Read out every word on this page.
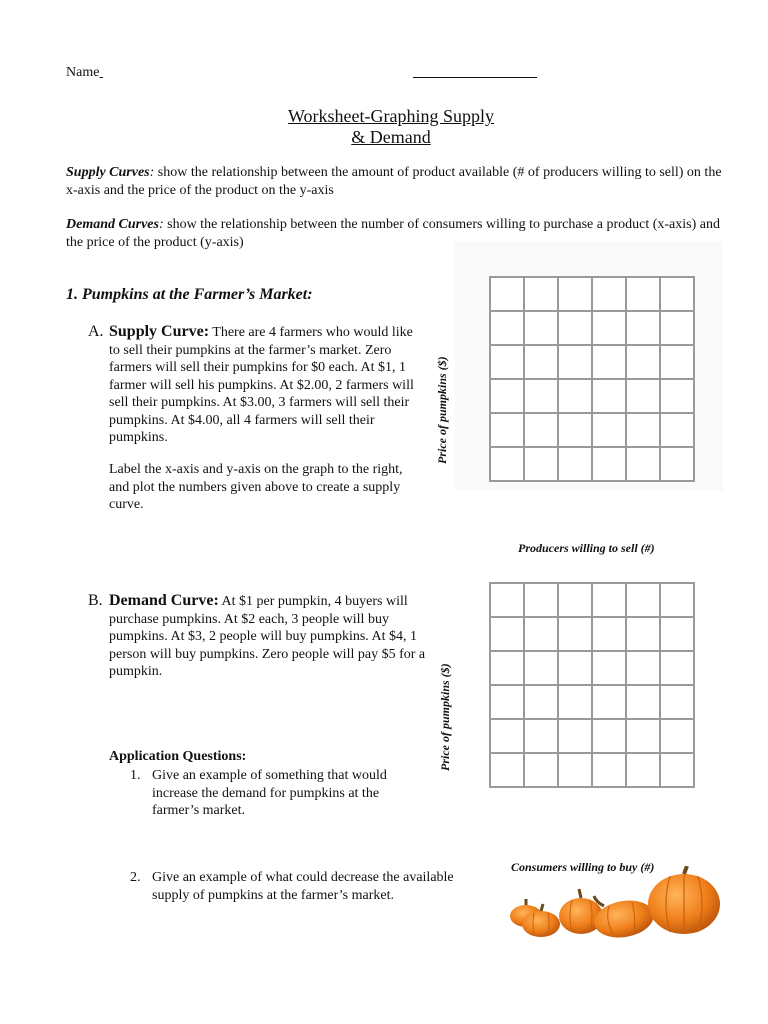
Name
Worksheet-Graphing Supply
& Demand
Supply Curves: show the relationship between the amount of product available (# of producers willing to sell) on the x-axis and the price of the product on the y-axis
Demand Curves: show the relationship between the number of consumers willing to purchase a product (x-axis) and the price of the product (y-axis)
1. Pumpkins at the Farmer’s Market:
A. Supply Curve: There are 4 farmers who would like to sell their pumpkins at the farmer’s market. Zero farmers will sell their pumpkins for $0 each. At $1, 1 farmer will sell his pumpkins. At $2.00, 2 farmers will sell their pumpkins. At $3.00, 3 farmers will sell their pumpkins. At $4.00, all 4 farmers will sell their pumpkins.
Label the x-axis and y-axis on the graph to the right, and plot the numbers given above to create a supply curve.
B. Demand Curve: At $1 per pumpkin, 4 buyers will purchase pumpkins. At $2 each, 3 people will buy pumpkins. At $3, 2 people will buy pumpkins. At $4, 1 person will buy pumpkins. Zero people will pay $5 for a pumpkin.
Price of pumpkins ($)
Producers willing to sell (#)
Price of pumpkins ($)
Consumers willing to buy (#)
Application Questions:
1. Give an example of something that would increase the demand for pumpkins at the farmer’s market.
2. Give an example of what could decrease the available supply of pumpkins at the farmer’s market.
